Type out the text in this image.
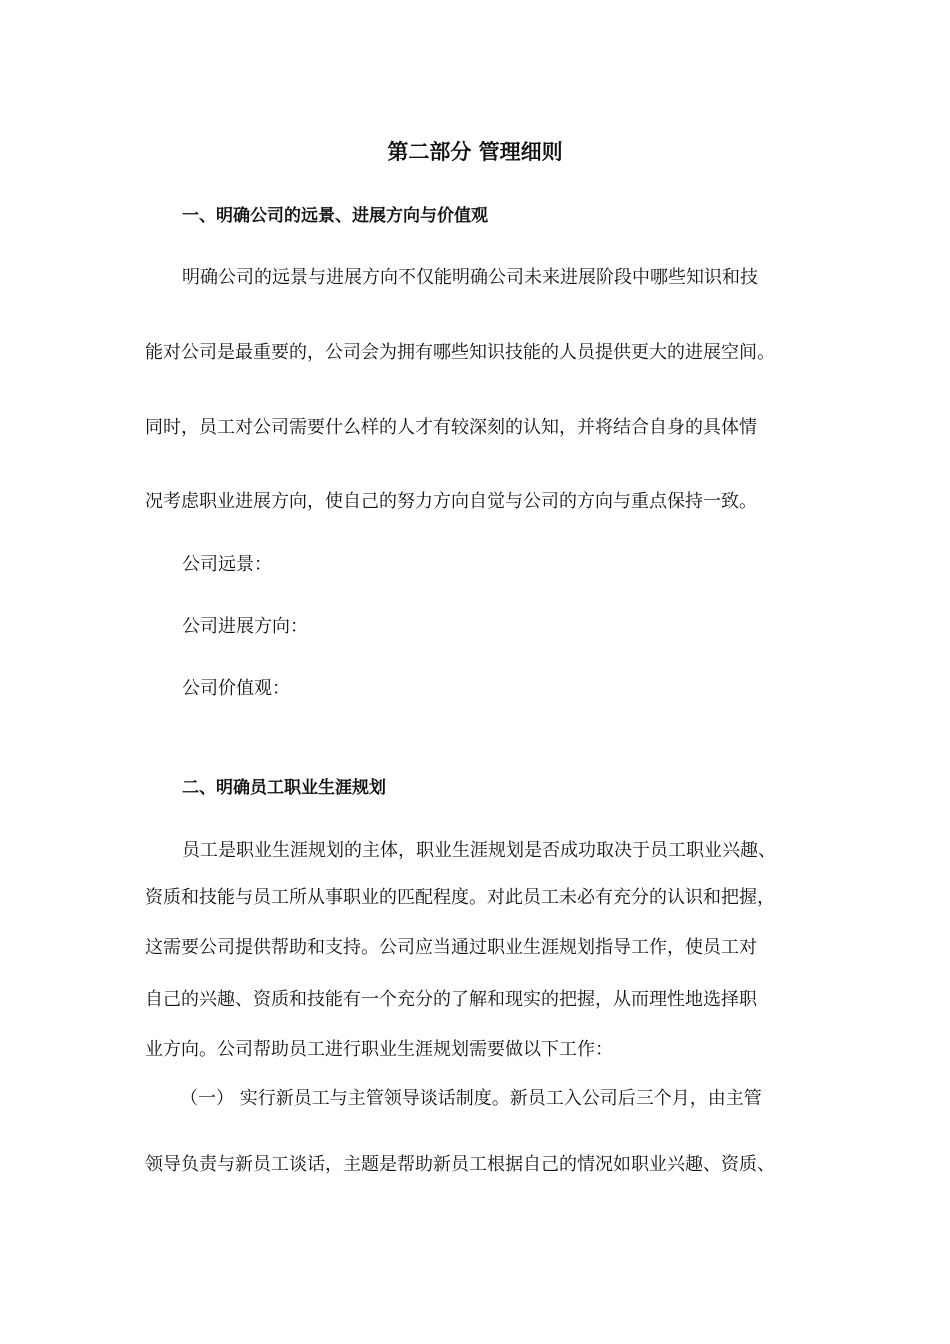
第二部分 管理细则
一、明确公司的远景、进展方向与价值观
明确公司的远景与进展方向不仅能明确公司未来进展阶段中哪些知识和技
能对公司是最重要的，公司会为拥有哪些知识技能的人员提供更大的进展空间。
同时，员工对公司需要什么样的人才有较深刻的认知，并将结合自身的具体情
况考虑职业进展方向，使自己的努力方向自觉与公司的方向与重点保持一致。
公司远景：
公司进展方向：
公司价值观：
二、明确员工职业生涯规划
员工是职业生涯规划的主体，职业生涯规划是否成功取决于员工职业兴趣、
资质和技能与员工所从事职业的匹配程度。对此员工未必有充分的认识和把握，
这需要公司提供帮助和支持。公司应当通过职业生涯规划指导工作，使员工对
自己的兴趣、资质和技能有一个充分的了解和现实的把握，从而理性地选择职
业方向。公司帮助员工进行职业生涯规划需要做以下工作：
（一） 实行新员工与主管领导谈话制度。新员工入公司后三个月，由主管
领导负责与新员工谈话，主题是帮助新员工根据自己的情况如职业兴趣、资质、
